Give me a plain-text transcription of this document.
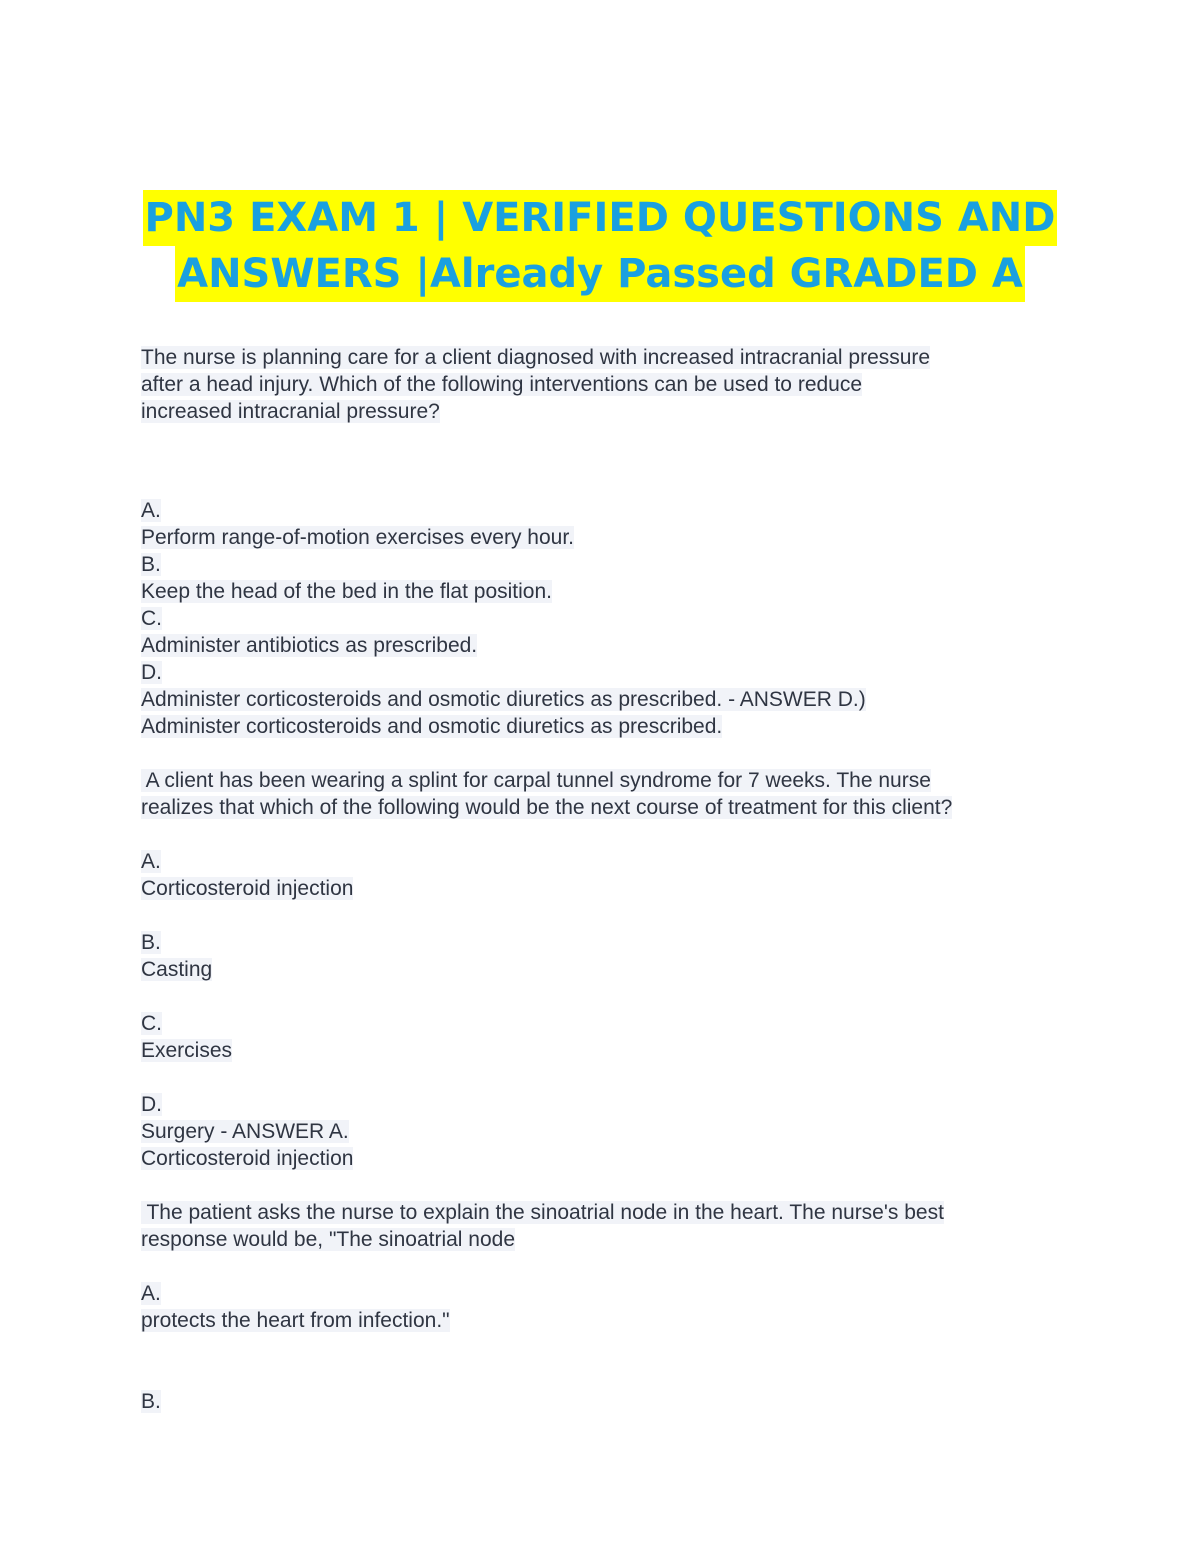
PN3 EXAM 1 | VERIFIED QUESTIONS AND
ANSWERS |Already Passed GRADED A
The nurse is planning care for a client diagnosed with increased intracranial pressure
after a head injury. Which of the following interventions can be used to reduce
increased intracranial pressure?
A.
Perform range-of-motion exercises every hour.
B.
Keep the head of the bed in the flat position.
C.
Administer antibiotics as prescribed.
D.
Administer corticosteroids and osmotic diuretics as prescribed. - ANSWER D.)
Administer corticosteroids and osmotic diuretics as prescribed.
A client has been wearing a splint for carpal tunnel syndrome for 7 weeks. The nurse
realizes that which of the following would be the next course of treatment for this client?
A.
Corticosteroid injection
B.
Casting
C.
Exercises
D.
Surgery - ANSWER A.
Corticosteroid injection
The patient asks the nurse to explain the sinoatrial node in the heart. The nurse's best
response would be, "The sinoatrial node
A.
protects the heart from infection."
B.
